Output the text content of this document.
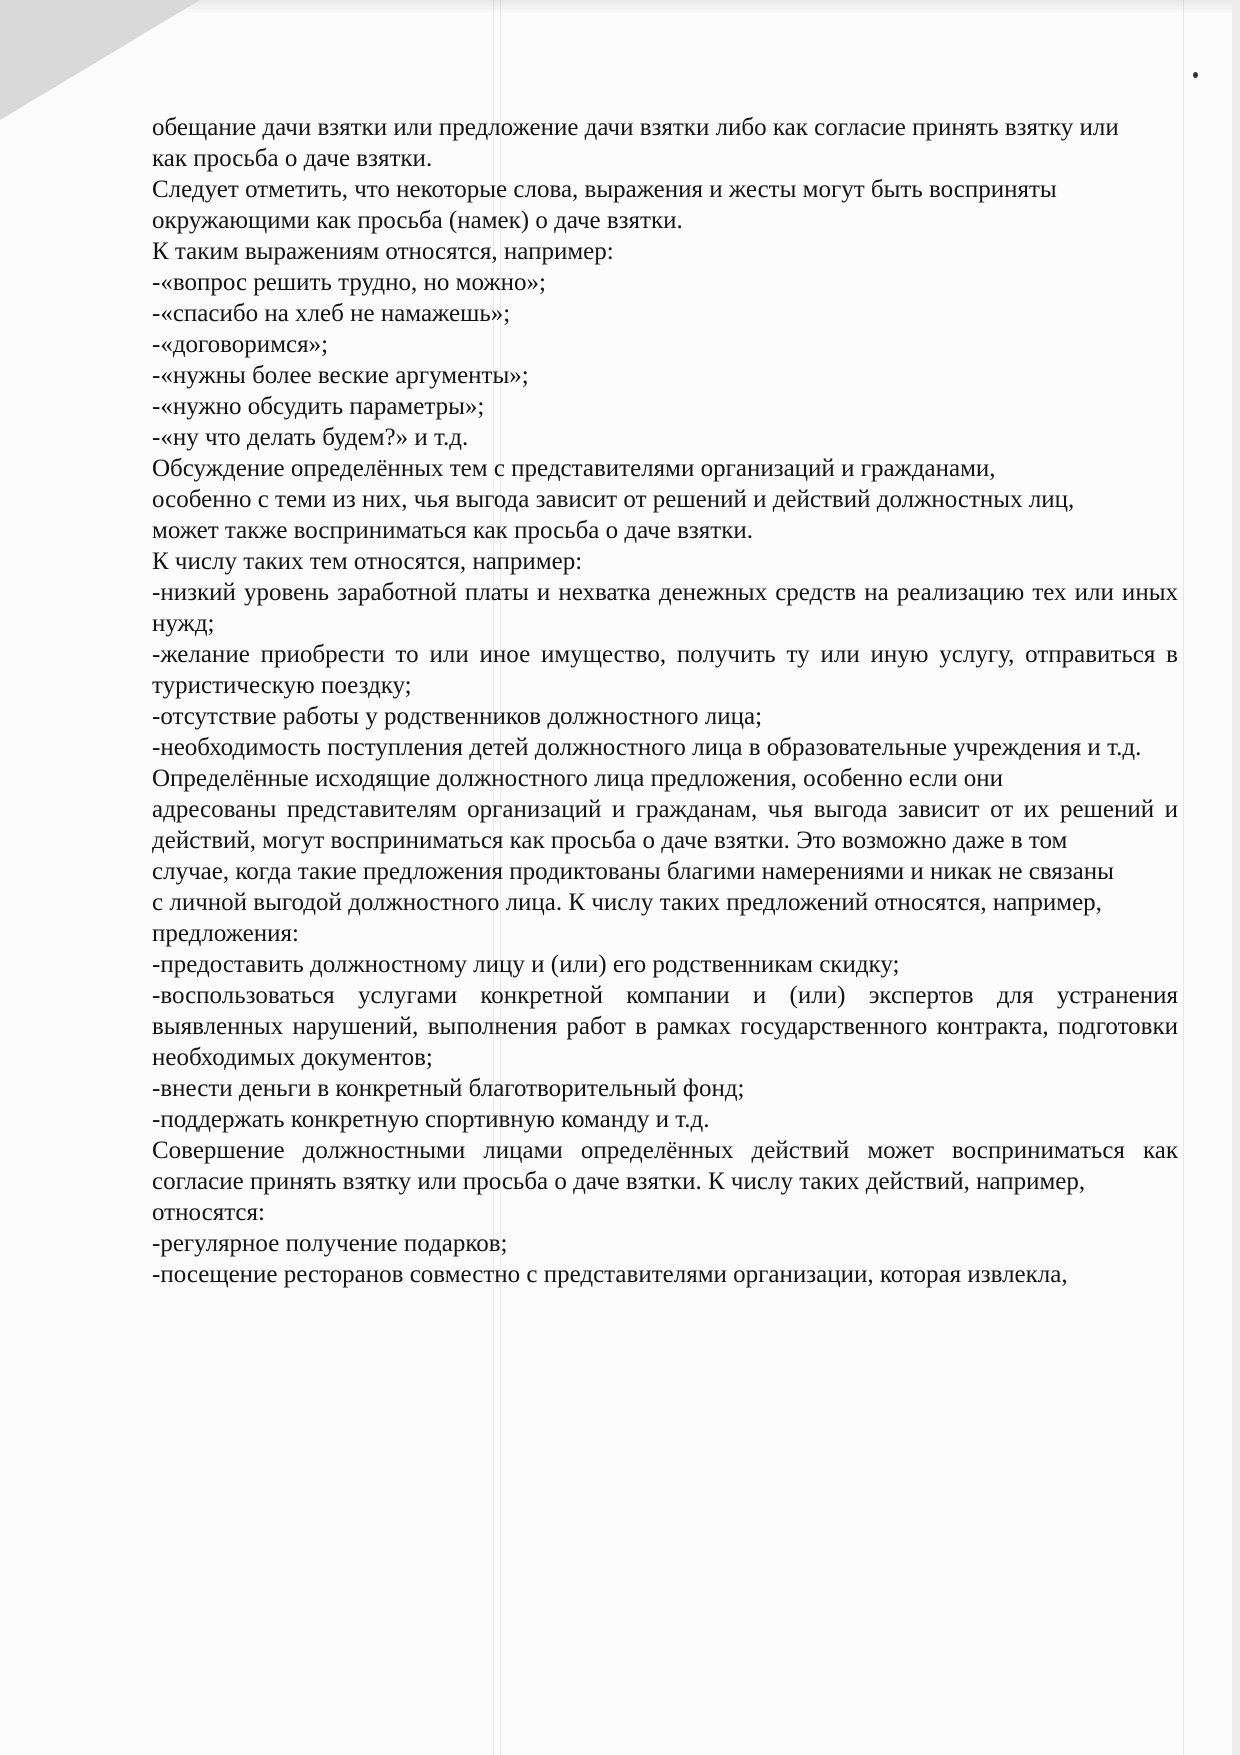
обещание дачи взятки или предложение дачи взятки либо как согласие принять взятку или

как просьба о даче взятки.

Следует отметить, что некоторые слова, выражения и жесты могут быть восприняты

окружающими как просьба (намек) о даче взятки.

К таким выражениям относятся, например:

-«вопрос решить трудно, но можно»;

-«спасибо на хлеб не намажешь»;

-«договоримся»;

-«нужны более веские аргументы»;

-«нужно обсудить параметры»;

-«ну что делать будем?» и т.д.

Обсуждение определённых тем с представителями организаций и гражданами,

особенно с теми из них, чья выгода зависит от решений и действий должностных лиц,

может также восприниматься как просьба о даче взятки.

К числу таких тем относятся, например:

-низкий уровень заработной платы и нехватка денежных средств на реализацию тех или иных нужд;

-желание приобрести то или иное имущество, получить ту или иную услугу, отправиться в туристическую поездку;

-отсутствие работы у родственников должностного лица;

-необходимость поступления детей должностного лица в образовательные учреждения и т.д.

Определённые исходящие должностного лица предложения, особенно если они

адресованы представителям организаций и гражданам, чья выгода зависит от их решений и действий, могут восприниматься как просьба о даче взятки. Это возможно даже в том

случае, когда такие предложения продиктованы благими намерениями и никак не связаны

с личной выгодой должностного лица. К числу таких предложений относятся, например,

предложения:

-предоставить должностному лицу и (или) его родственникам скидку;

-воспользоваться услугами конкретной компании и (или) экспертов для устранения выявленных нарушений, выполнения работ в рамках государственного контракта, подготовки необходимых документов;

-внести деньги в конкретный благотворительный фонд;

-поддержать конкретную спортивную команду и т.д.

Совершение должностными лицами определённых действий может восприниматься как согласие принять взятку или просьба о даче взятки. К числу таких действий, например,

относятся:

-регулярное получение подарков;

-посещение ресторанов совместно с представителями организации, которая извлекла,
